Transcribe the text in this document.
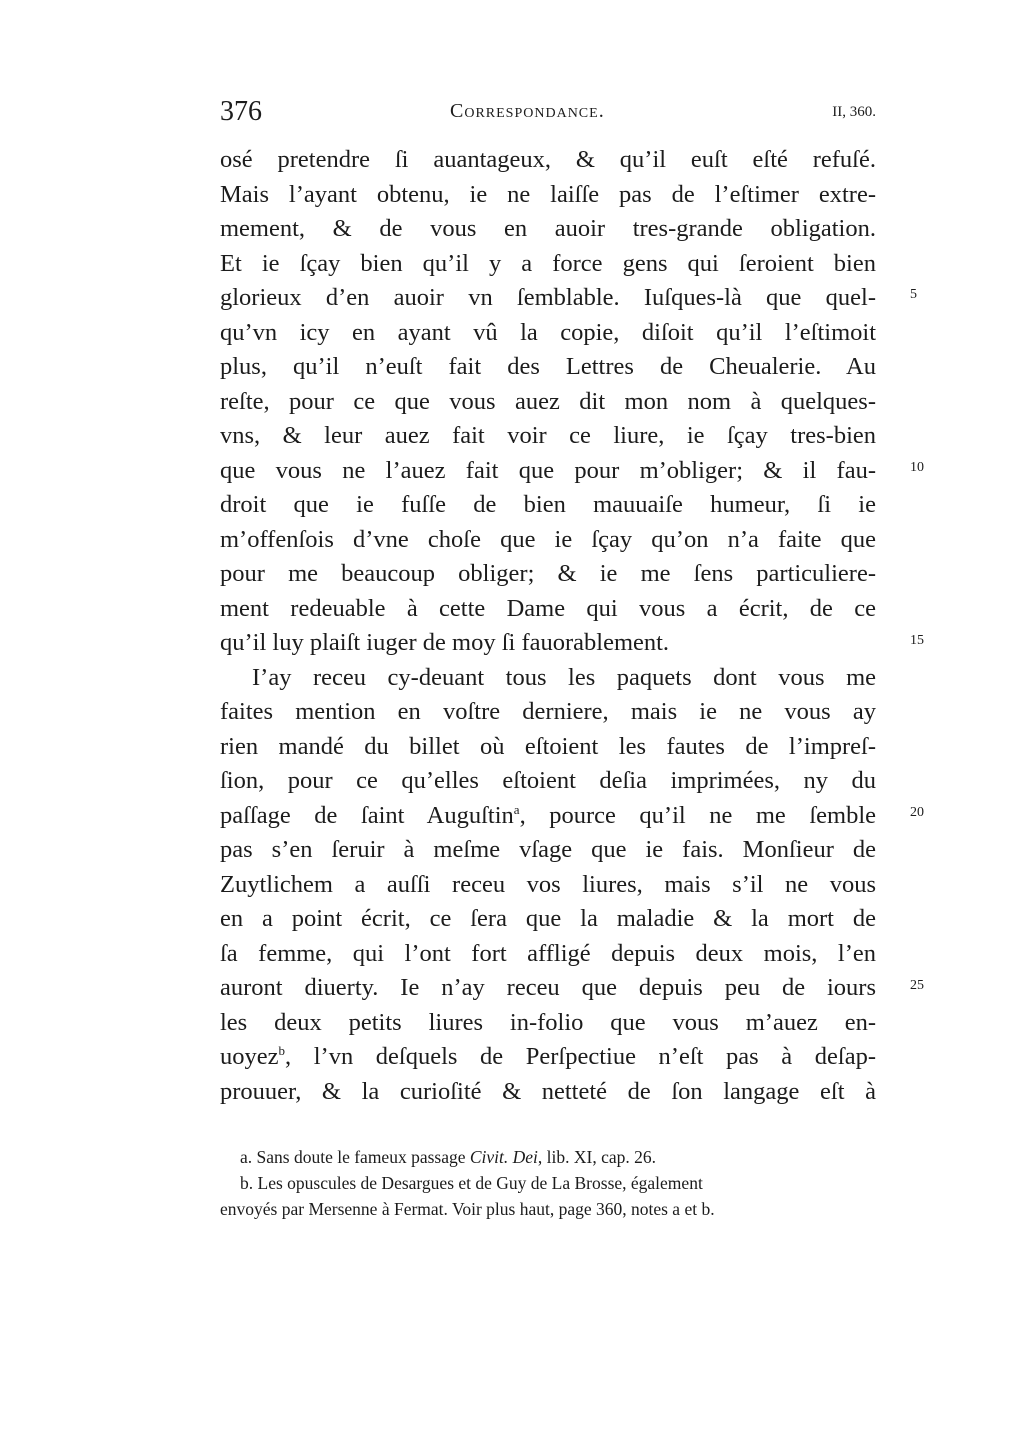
376	Correspondance.	II, 360.
osé pretendre ſi auantageux, & qu’il euſt eſté refuſé.
Mais l’ayant obtenu, ie ne laiſſe pas de l’eſtimer extre-
mement, & de vous en auoir tres-grande obligation.
Et ie ſçay bien qu’il y a force gens qui ſeroient bien
glorieux d’en auoir vn ſemblable. Iuſques-là que quel-
qu’vn icy en ayant vû la copie, diſoit qu’il l’eſtimoit
plus, qu’il n’euſt fait des Lettres de Cheualerie. Au
reſte, pour ce que vous auez dit mon nom à quelques-
vns, & leur auez fait voir ce liure, ie ſçay tres-bien
que vous ne l’auez fait que pour m’obliger; & il fau-
droit que ie fuſſe de bien mauuaiſe humeur, ſi ie
m’offenſois d’vne choſe que ie ſçay qu’on n’a faite que
pour me beaucoup obliger; & ie me ſens particuliere-
ment redeuable à cette Dame qui vous a écrit, de ce
qu’il luy plaiſt iuger de moy ſi fauorablement.
I’ay receu cy-deuant tous les paquets dont vous me
faites mention en voſtre derniere, mais ie ne vous ay
rien mandé du billet où eſtoient les fautes de l’impreſ-
ſion, pour ce qu’elles eſtoient deſia imprimées, ny du
paſſage de ſaint Auguſtin$^a$, pource qu’il ne me ſemble
pas s’en ſeruir à meſme vſage que ie fais. Monſieur de
Zuytlichem a auſſi receu vos liures, mais s’il ne vous
en a point écrit, ce ſera que la maladie & la mort de
ſa femme, qui l’ont fort affligé depuis deux mois, l’en
auront diuerty. Ie n’ay receu que depuis peu de iours
les deux petits liures in-folio que vous m’auez en-
uoyez$^b$, l’vn deſquels de Perſpectiue n’eſt pas à deſap-
prouuer, & la curioſité & netteté de ſon langage eſt à
5
10
15
20
25
a. Sans doute le fameux passage Civit. Dei, lib. XI, cap. 26.
b. Les opuscules de Desargues et de Guy de La Brosse, également
envoyés par Mersenne à Fermat. Voir plus haut, page 360, notes a et b.
